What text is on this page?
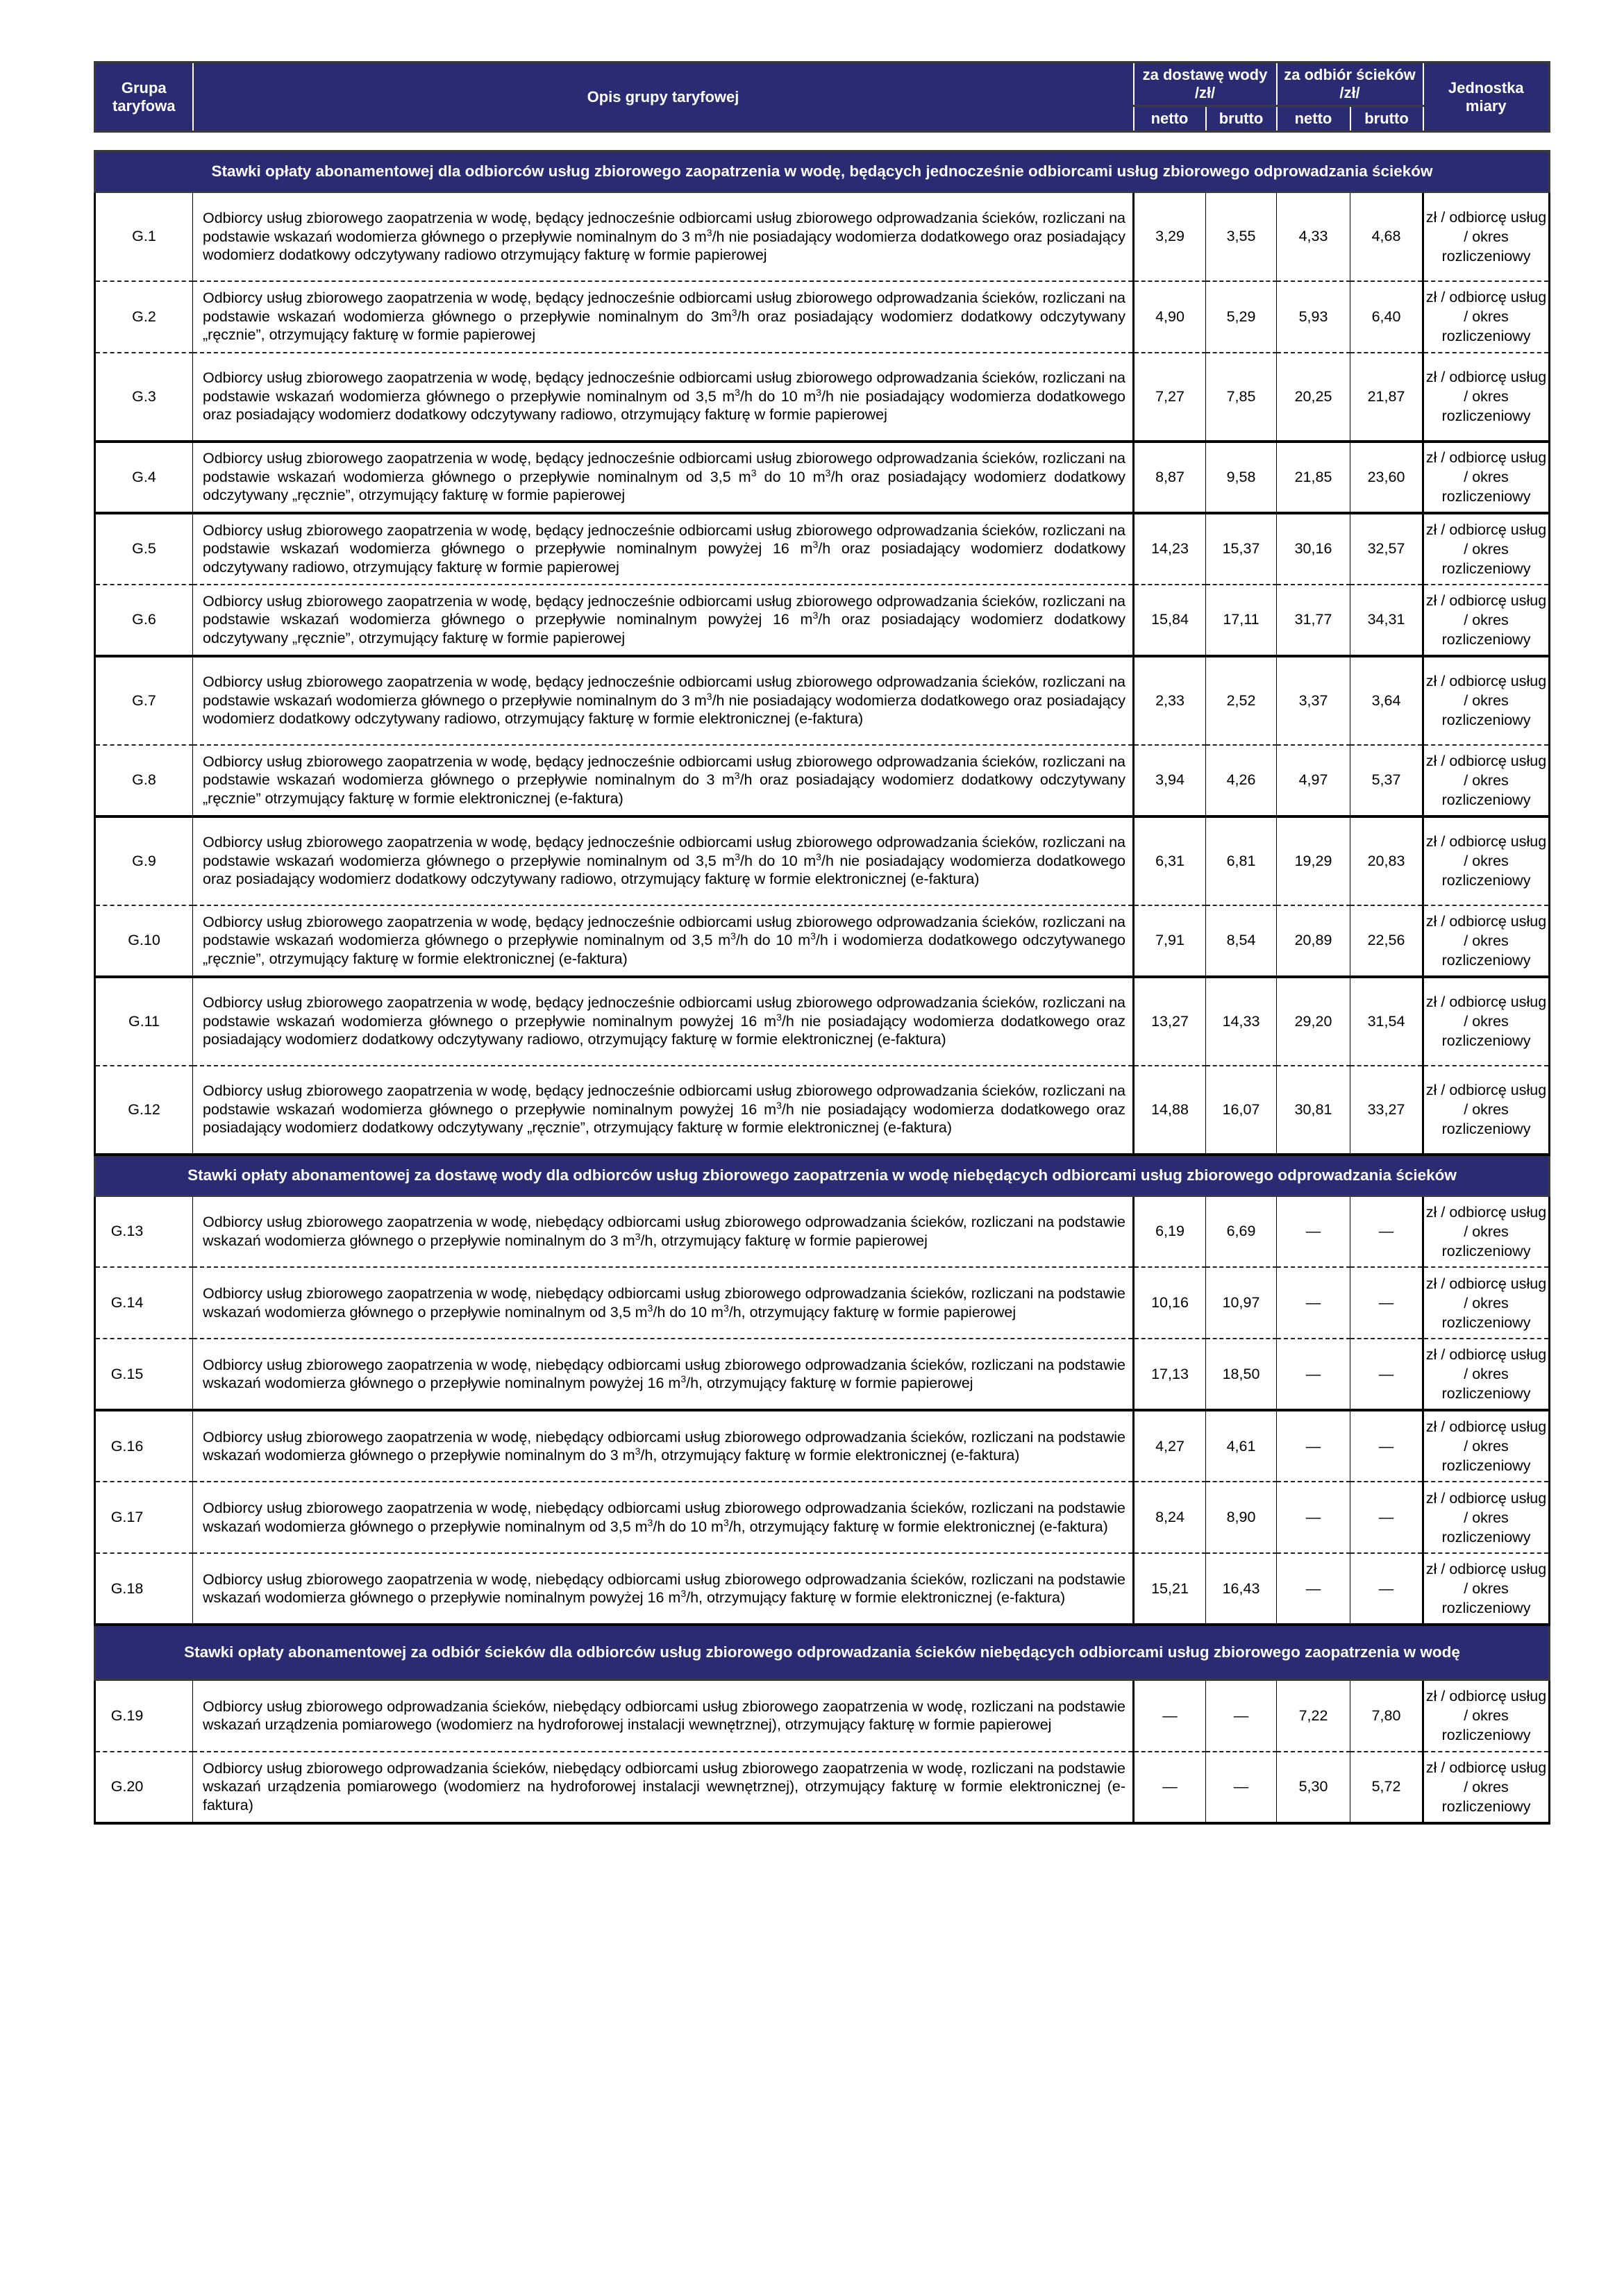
Grupa taryfowa	Opis grupy taryfowej	za dostawę wody /zł/		za odbiór ścieków /zł/		Jednostka miary
		netto	brutto	netto	brutto	
Stawki opłaty abonamentowej dla odbiorców usług zbiorowego zaopatrzenia w wodę, będących jednocześnie odbiorcami usług zbiorowego odprowadzania ścieków						
G.1	Odbiorcy usług zbiorowego zaopatrzenia w wodę, będący jednocześnie odbiorcami usług zbiorowego odprowadzania ścieków, rozliczani na podstawie wskazań wodomierza głównego o przepływie nominalnym do 3 $m^3/h$ nie posiadający wodomierza dodatkowego oraz posiadający wodomierz dodatkowy odczytywany radiowo otrzymujący fakturę w formie papierowej	3,29	3,55	4,33	4,68	zł / odbiorcę usług / okres rozliczeniowy
G.2	Odbiorcy usług zbiorowego zaopatrzenia w wodę, będący jednocześnie odbiorcami usług zbiorowego odprowadzania ścieków, rozliczani na podstawie wskazań wodomierza głównego o przepływie nominalnym do $3m^3/h$ oraz posiadający wodomierz dodatkowy odczytywany „ręcznie”, otrzymujący fakturę w formie papierowej	4,90	5,29	5,93	6,40	zł / odbiorcę usług / okres rozliczeniowy
G.3	Odbiorcy usług zbiorowego zaopatrzenia w wodę, będący jednocześnie odbiorcami usług zbiorowego odprowadzania ścieków, rozliczani na podstawie wskazań wodomierza głównego o przepływie nominalnym od 3,5 $m^3/h$ do 10 $m^3/h$ nie posiadający wodomierza dodatkowego oraz posiadający wodomierz dodatkowy odczytywany radiowo, otrzymujący fakturę w formie papierowej	7,27	7,85	20,25	21,87	zł / odbiorcę usług / okres rozliczeniowy
G.4	Odbiorcy usług zbiorowego zaopatrzenia w wodę, będący jednocześnie odbiorcami usług zbiorowego odprowadzania ścieków, rozliczani na podstawie wskazań wodomierza głównego o przepływie nominalnym od 3,5 $m^3$ do 10 $m^3/h$ oraz posiadający wodomierz dodatkowy odczytywany „ręcznie”, otrzymujący fakturę w formie papierowej	8,87	9,58	21,85	23,60	zł / odbiorcę usług / okres rozliczeniowy
G.5	Odbiorcy usług zbiorowego zaopatrzenia w wodę, będący jednocześnie odbiorcami usług zbiorowego odprowadzania ścieków, rozliczani na podstawie wskazań wodomierza głównego o przepływie nominalnym powyżej 16 $m^3/h$ oraz posiadający wodomierz dodatkowy odczytywany radiowo, otrzymujący fakturę w formie papierowej	14,23	15,37	30,16	32,57	zł / odbiorcę usług / okres rozliczeniowy
G.6	Odbiorcy usług zbiorowego zaopatrzenia w wodę, będący jednocześnie odbiorcami usług zbiorowego odprowadzania ścieków, rozliczani na podstawie wskazań wodomierza głównego o przepływie nominalnym powyżej 16 $m^3/h$ oraz posiadający wodomierz dodatkowy odczytywany „ręcznie”, otrzymujący fakturę w formie papierowej	15,84	17,11	31,77	34,31	zł / odbiorcę usług / okres rozliczeniowy
G.7	Odbiorcy usług zbiorowego zaopatrzenia w wodę, będący jednocześnie odbiorcami usług zbiorowego odprowadzania ścieków, rozliczani na podstawie wskazań wodomierza głównego o przepływie nominalnym do 3 $m^3/h$ nie posiadający wodomierza dodatkowego oraz posiadający wodomierz dodatkowy odczytywany radiowo, otrzymujący fakturę w formie elektronicznej (e-faktura)	2,33	2,52	3,37	3,64	zł / odbiorcę usług / okres rozliczeniowy
G.8	Odbiorcy usług zbiorowego zaopatrzenia w wodę, będący jednocześnie odbiorcami usług zbiorowego odprowadzania ścieków, rozliczani na podstawie wskazań wodomierza głównego o przepływie nominalnym do 3 $m^3/h$ oraz posiadający wodomierz dodatkowy odczytywany „ręcznie” otrzymujący fakturę w formie elektronicznej (e-faktura)	3,94	4,26	4,97	5,37	zł / odbiorcę usług / okres rozliczeniowy
G.9	Odbiorcy usług zbiorowego zaopatrzenia w wodę, będący jednocześnie odbiorcami usług zbiorowego odprowadzania ścieków, rozliczani na podstawie wskazań wodomierza głównego o przepływie nominalnym od 3,5 $m^3/h$ do 10 $m^3/h$ nie posiadający wodomierza dodatkowego oraz posiadający wodomierz dodatkowy odczytywany radiowo, otrzymujący fakturę w formie elektronicznej (e-faktura)	6,31	6,81	19,29	20,83	zł / odbiorcę usług / okres rozliczeniowy
G.10	Odbiorcy usług zbiorowego zaopatrzenia w wodę, będący jednocześnie odbiorcami usług zbiorowego odprowadzania ścieków, rozliczani na podstawie wskazań wodomierza głównego o przepływie nominalnym od 3,5 $m^3/h$ do 10 $m^3/h$ i wodomierza dodatkowego odczytywanego „ręcznie”, otrzymujący fakturę w formie elektronicznej (e-faktura)	7,91	8,54	20,89	22,56	zł / odbiorcę usług / okres rozliczeniowy
G.11	Odbiorcy usług zbiorowego zaopatrzenia w wodę, będący jednocześnie odbiorcami usług zbiorowego odprowadzania ścieków, rozliczani na podstawie wskazań wodomierza głównego o przepływie nominalnym powyżej 16 $m^3/h$ nie posiadający wodomierza dodatkowego oraz posiadający wodomierz dodatkowy odczytywany radiowo, otrzymujący fakturę w formie elektronicznej (e-faktura)	13,27	14,33	29,20	31,54	zł / odbiorcę usług / okres rozliczeniowy
G.12	Odbiorcy usług zbiorowego zaopatrzenia w wodę, będący jednocześnie odbiorcami usług zbiorowego odprowadzania ścieków, rozliczani na podstawie wskazań wodomierza głównego o przepływie nominalnym powyżej 16 $m^3/h$ nie posiadający wodomierza dodatkowego oraz posiadający wodomierz dodatkowy odczytywany „ręcznie”, otrzymujący fakturę w formie elektronicznej (e-faktura)	14,88	16,07	30,81	33,27	zł / odbiorcę usług / okres rozliczeniowy
Stawki opłaty abonamentowej za dostawę wody dla odbiorców usług zbiorowego zaopatrzenia w wodę niebędących odbiorcami usług zbiorowego odprowadzania ścieków						
G.13	Odbiorcy usług zbiorowego zaopatrzenia w wodę, niebędący odbiorcami usług zbiorowego odprowadzania ścieków, rozliczani na podstawie wskazań wodomierza głównego o przepływie nominalnym do 3 $m^3/h$, otrzymujący fakturę w formie papierowej	6,19	6,69	—	—	zł / odbiorcę usług / okres rozliczeniowy
G.14	Odbiorcy usług zbiorowego zaopatrzenia w wodę, niebędący odbiorcami usług zbiorowego odprowadzania ścieków, rozliczani na podstawie wskazań wodomierza głównego o przepływie nominalnym od 3,5 $m^3/h$ do 10 $m^3/h$, otrzymujący fakturę w formie papierowej	10,16	10,97	—	—	zł / odbiorcę usług / okres rozliczeniowy
G.15	Odbiorcy usług zbiorowego zaopatrzenia w wodę, niebędący odbiorcami usług zbiorowego odprowadzania ścieków, rozliczani na podstawie wskazań wodomierza głównego o przepływie nominalnym powyżej 16 $m^3/h$, otrzymujący fakturę w formie papierowej	17,13	18,50	—	—	zł / odbiorcę usług / okres rozliczeniowy
G.16	Odbiorcy usług zbiorowego zaopatrzenia w wodę, niebędący odbiorcami usług zbiorowego odprowadzania ścieków, rozliczani na podstawie wskazań wodomierza głównego o przepływie nominalnym do 3 $m^3/h$, otrzymujący fakturę w formie elektronicznej (e-faktura)	4,27	4,61	—	—	zł / odbiorcę usług / okres rozliczeniowy
G.17	Odbiorcy usług zbiorowego zaopatrzenia w wodę, niebędący odbiorcami usług zbiorowego odprowadzania ścieków, rozliczani na podstawie wskazań wodomierza głównego o przepływie nominalnym od 3,5 $m^3/h$ do 10 $m^3/h$, otrzymujący fakturę w formie elektronicznej (e-faktura)	8,24	8,90	—	—	zł / odbiorcę usług / okres rozliczeniowy
G.18	Odbiorcy usług zbiorowego zaopatrzenia w wodę, niebędący odbiorcami usług zbiorowego odprowadzania ścieków, rozliczani na podstawie wskazań wodomierza głównego o przepływie nominalnym powyżej 16 $m^3/h$, otrzymujący fakturę w formie elektronicznej (e-faktura)	15,21	16,43	—	—	zł / odbiorcę usług / okres rozliczeniowy
Stawki opłaty abonamentowej za odbiór ścieków dla odbiorców usług zbiorowego odprowadzania ścieków niebędących odbiorcami usług zbiorowego zaopatrzenia w wodę						
G.19	Odbiorcy usług zbiorowego odprowadzania ścieków, niebędący odbiorcami usług zbiorowego zaopatrzenia w wodę, rozliczani na podstawie wskazań urządzenia pomiarowego (wodomierz na hydroforowej instalacji wewnętrznej), otrzymujący fakturę w formie papierowej	—	—	7,22	7,80	zł / odbiorcę usług / okres rozliczeniowy
G.20	Odbiorcy usług zbiorowego odprowadzania ścieków, niebędący odbiorcami usług zbiorowego zaopatrzenia w wodę, rozliczani na podstawie wskazań urządzenia pomiarowego (wodomierz na hydroforowej instalacji wewnętrznej), otrzymujący fakturę w formie elektronicznej (e-faktura)	—	—	5,30	5,72	zł / odbiorcę usług / okres rozliczeniowy
